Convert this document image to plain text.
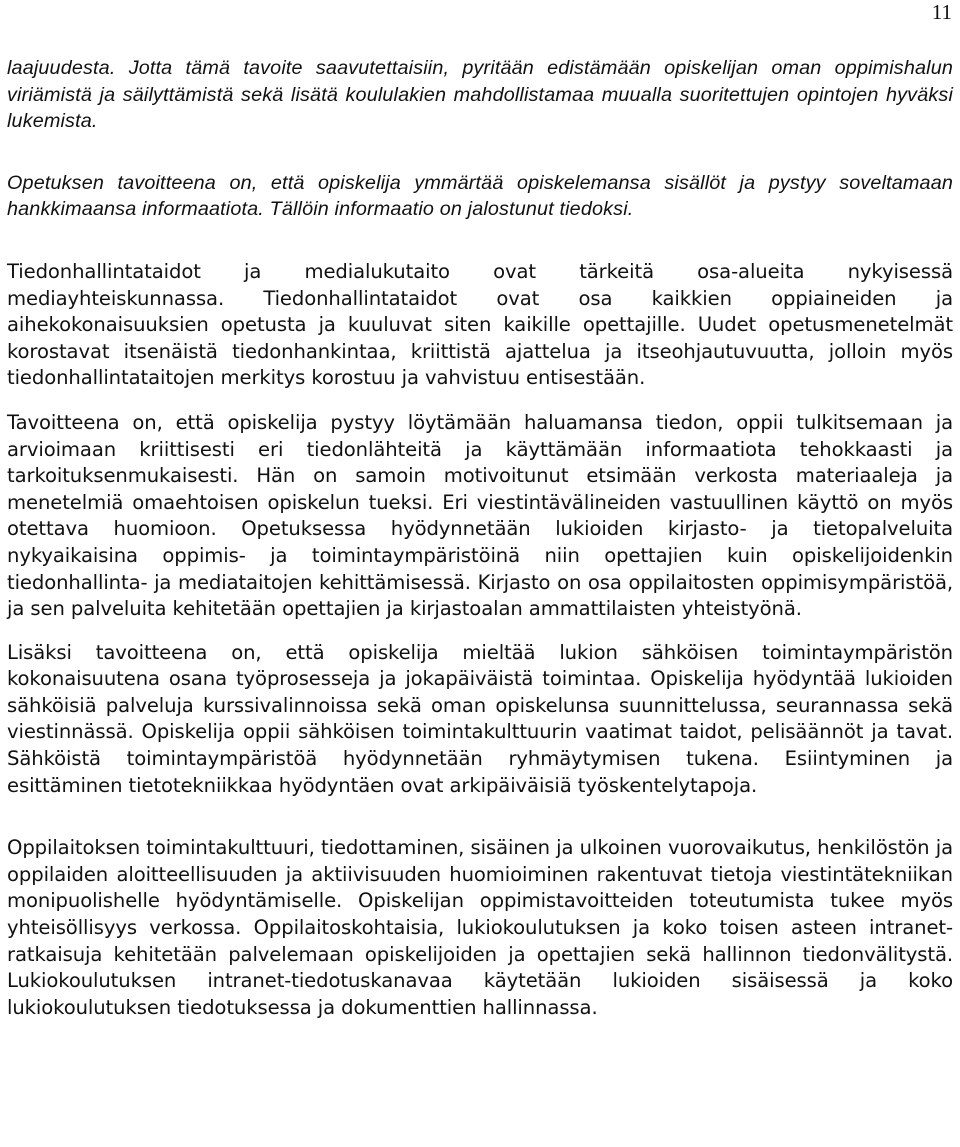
11

laajuudesta. Jotta tämä tavoite saavutettaisiin, pyritään edistämään opiskelijan oman oppimishalun viriämistä ja säilyttämistä sekä lisätä koululakien mahdollistamaa muualla suoritettujen opintojen hyväksi lukemista.

Opetuksen tavoitteena on, että opiskelija ymmärtää opiskelemansa sisällöt ja pystyy soveltamaan hankkimaansa informaatiota. Tällöin informaatio on jalostunut tiedoksi.

Tiedonhallintataidot ja medialukutaito ovat tärkeitä osa-alueita nykyisessä mediayhteiskunnassa. Tiedonhallintataidot ovat osa kaikkien oppiaineiden ja aihekokonaisuuksien opetusta ja kuuluvat siten kaikille opettajille. Uudet opetusmenetelmät korostavat itsenäistä tiedonhankintaa, kriittistä ajattelua ja itseohjautuvuutta, jolloin myös tiedonhallintataitojen merkitys korostuu ja vahvistuu entisestään.

Tavoitteena on, että opiskelija pystyy löytämään haluamansa tiedon, oppii tulkitsemaan ja arvioimaan kriittisesti eri tiedonlähteitä ja käyttämään informaatiota tehokkaasti ja tarkoituksenmukaisesti. Hän on samoin motivoitunut etsimään verkosta materiaaleja ja menetelmiä omaehtoisen opiskelun tueksi. Eri viestintävälineiden vastuullinen käyttö on myös otettava huomioon. Opetuksessa hyödynnetään lukioiden kirjasto- ja tietopalveluita nykyaikaisina oppimis- ja toimintaympäristöinä niin opettajien kuin opiskelijoidenkin tiedonhallinta- ja mediataitojen kehittämisessä. Kirjasto on osa oppilaitosten oppimisympäristöä, ja sen palveluita kehitetään opettajien ja kirjastoalan ammattilaisten yhteistyönä.

Lisäksi tavoitteena on, että opiskelija mieltää lukion sähköisen toimintaympäristön kokonaisuutena osana työprosesseja ja jokapäiväistä toimintaa. Opiskelija hyödyntää lukioiden sähköisiä palveluja kurssivalinnoissa sekä oman opiskelunsa suunnittelussa, seurannassa sekä viestinnässä. Opiskelija oppii sähköisen toimintakulttuurin vaatimat taidot, pelisäännöt ja tavat. Sähköistä toimintaympäristöä hyödynnetään ryhmäytymisen tukena. Esiintyminen ja esittäminen tietotekniikkaa hyödyntäen ovat arkipäiväisiä työskentelytapoja.

Oppilaitoksen toimintakulttuuri, tiedottaminen, sisäinen ja ulkoinen vuorovaikutus, henkilöstön ja oppilaiden aloitteellisuuden ja aktiivisuuden huomioiminen rakentuvat tietoja viestintätekniikan monipuolishelle hyödyntämiselle. Opiskelijan oppimistavoitteiden toteutumista tukee myös yhteisöllisyys verkossa. Oppilaitoskohtaisia, lukiokoulutuksen ja koko toisen asteen intranet-ratkaisuja kehitetään palvelemaan opiskelijoiden ja opettajien sekä hallinnon tiedonvälitystä. Lukiokoulutuksen intranet-tiedotuskanavaa käytetään lukioiden sisäisessä ja koko lukiokoulutuksen tiedotuksessa ja dokumenttien hallinnassa.
